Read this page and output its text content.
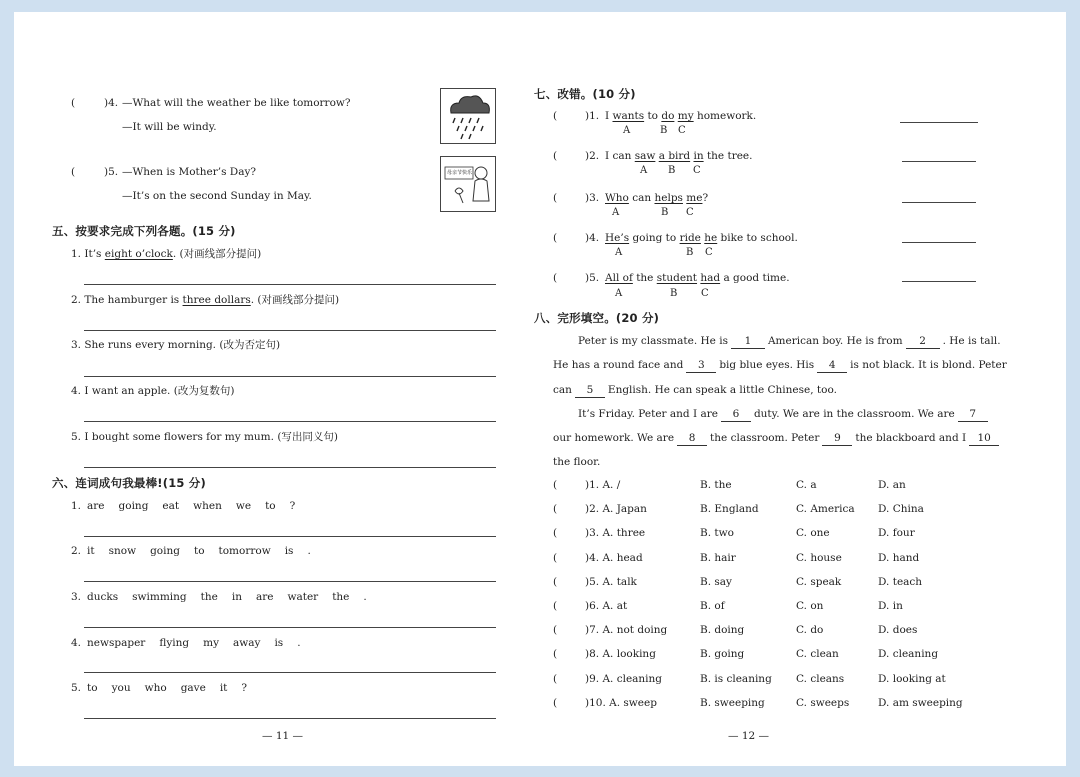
(	)4. —What will the weather be like tomorrow?
—It will be windy.
(	)5. —When is Mother’s Day?
—It’s on the second Sunday in May.
母亲节快乐
五、按要求完成下列各题。(15 分)
1. It’s eight o’clock. (对画线部分提问)
2. The hamburger is three dollars. (对画线部分提问)
3. She runs every morning. (改为否定句)
4. I want an apple. (改为复数句)
5. I bought some flowers for my mum. (写出同义句)
六、连词成句我最棒!(15 分)
1. are going eat when we to ?
2. it snow going to tomorrow is .
3. ducks swimming the in are water the .
4. newspaper flying my away is .
5. to you who gave it ?
— 11 —
七、改错。(10 分)
(	)1. I wants to do my homework.
A	B C
(	)2. I can saw a bird in the tree.
A B C
(	)3. Who can helps me?
A	B C
(	)4. He’s going to ride he bike to school.
A	B C
(	)5. All of the student had a good time.
A	B C
八、完形填空。(20 分)
Peter is my classmate. He is 1 American boy. He is from 2 . He is tall.
He has a round face and 3 big blue eyes. His 4 is not black. It is blond. Peter
can 5 English. He can speak a little Chinese, too.
It’s Friday. Peter and I are 6 duty. We are in the classroom. We are 7
our homework. We are 8 the classroom. Peter 9 the blackboard and I 10
the floor.
(	)1. A. /	B. the	C. a	D. an
(	)2. A. Japan	B. England	C. America D. China
(	)3. A. three	B. two	C. one	D. four
(	)4. A. head	B. hair	C. house	D. hand
(	)5. A. talk	B. say	C. speak	D. teach
(	)6. A. at	B. of	C. on	D. in
(	)7. A. not doing	B. doing	C. do	D. does
(	)8. A. looking	B. going	C. clean	D. cleaning
(	)9. A. cleaning	B. is cleaning C. cleans	D. looking at
(	)10. A. sweep	B. sweeping	C. sweeps	D. am sweeping
— 12 —
